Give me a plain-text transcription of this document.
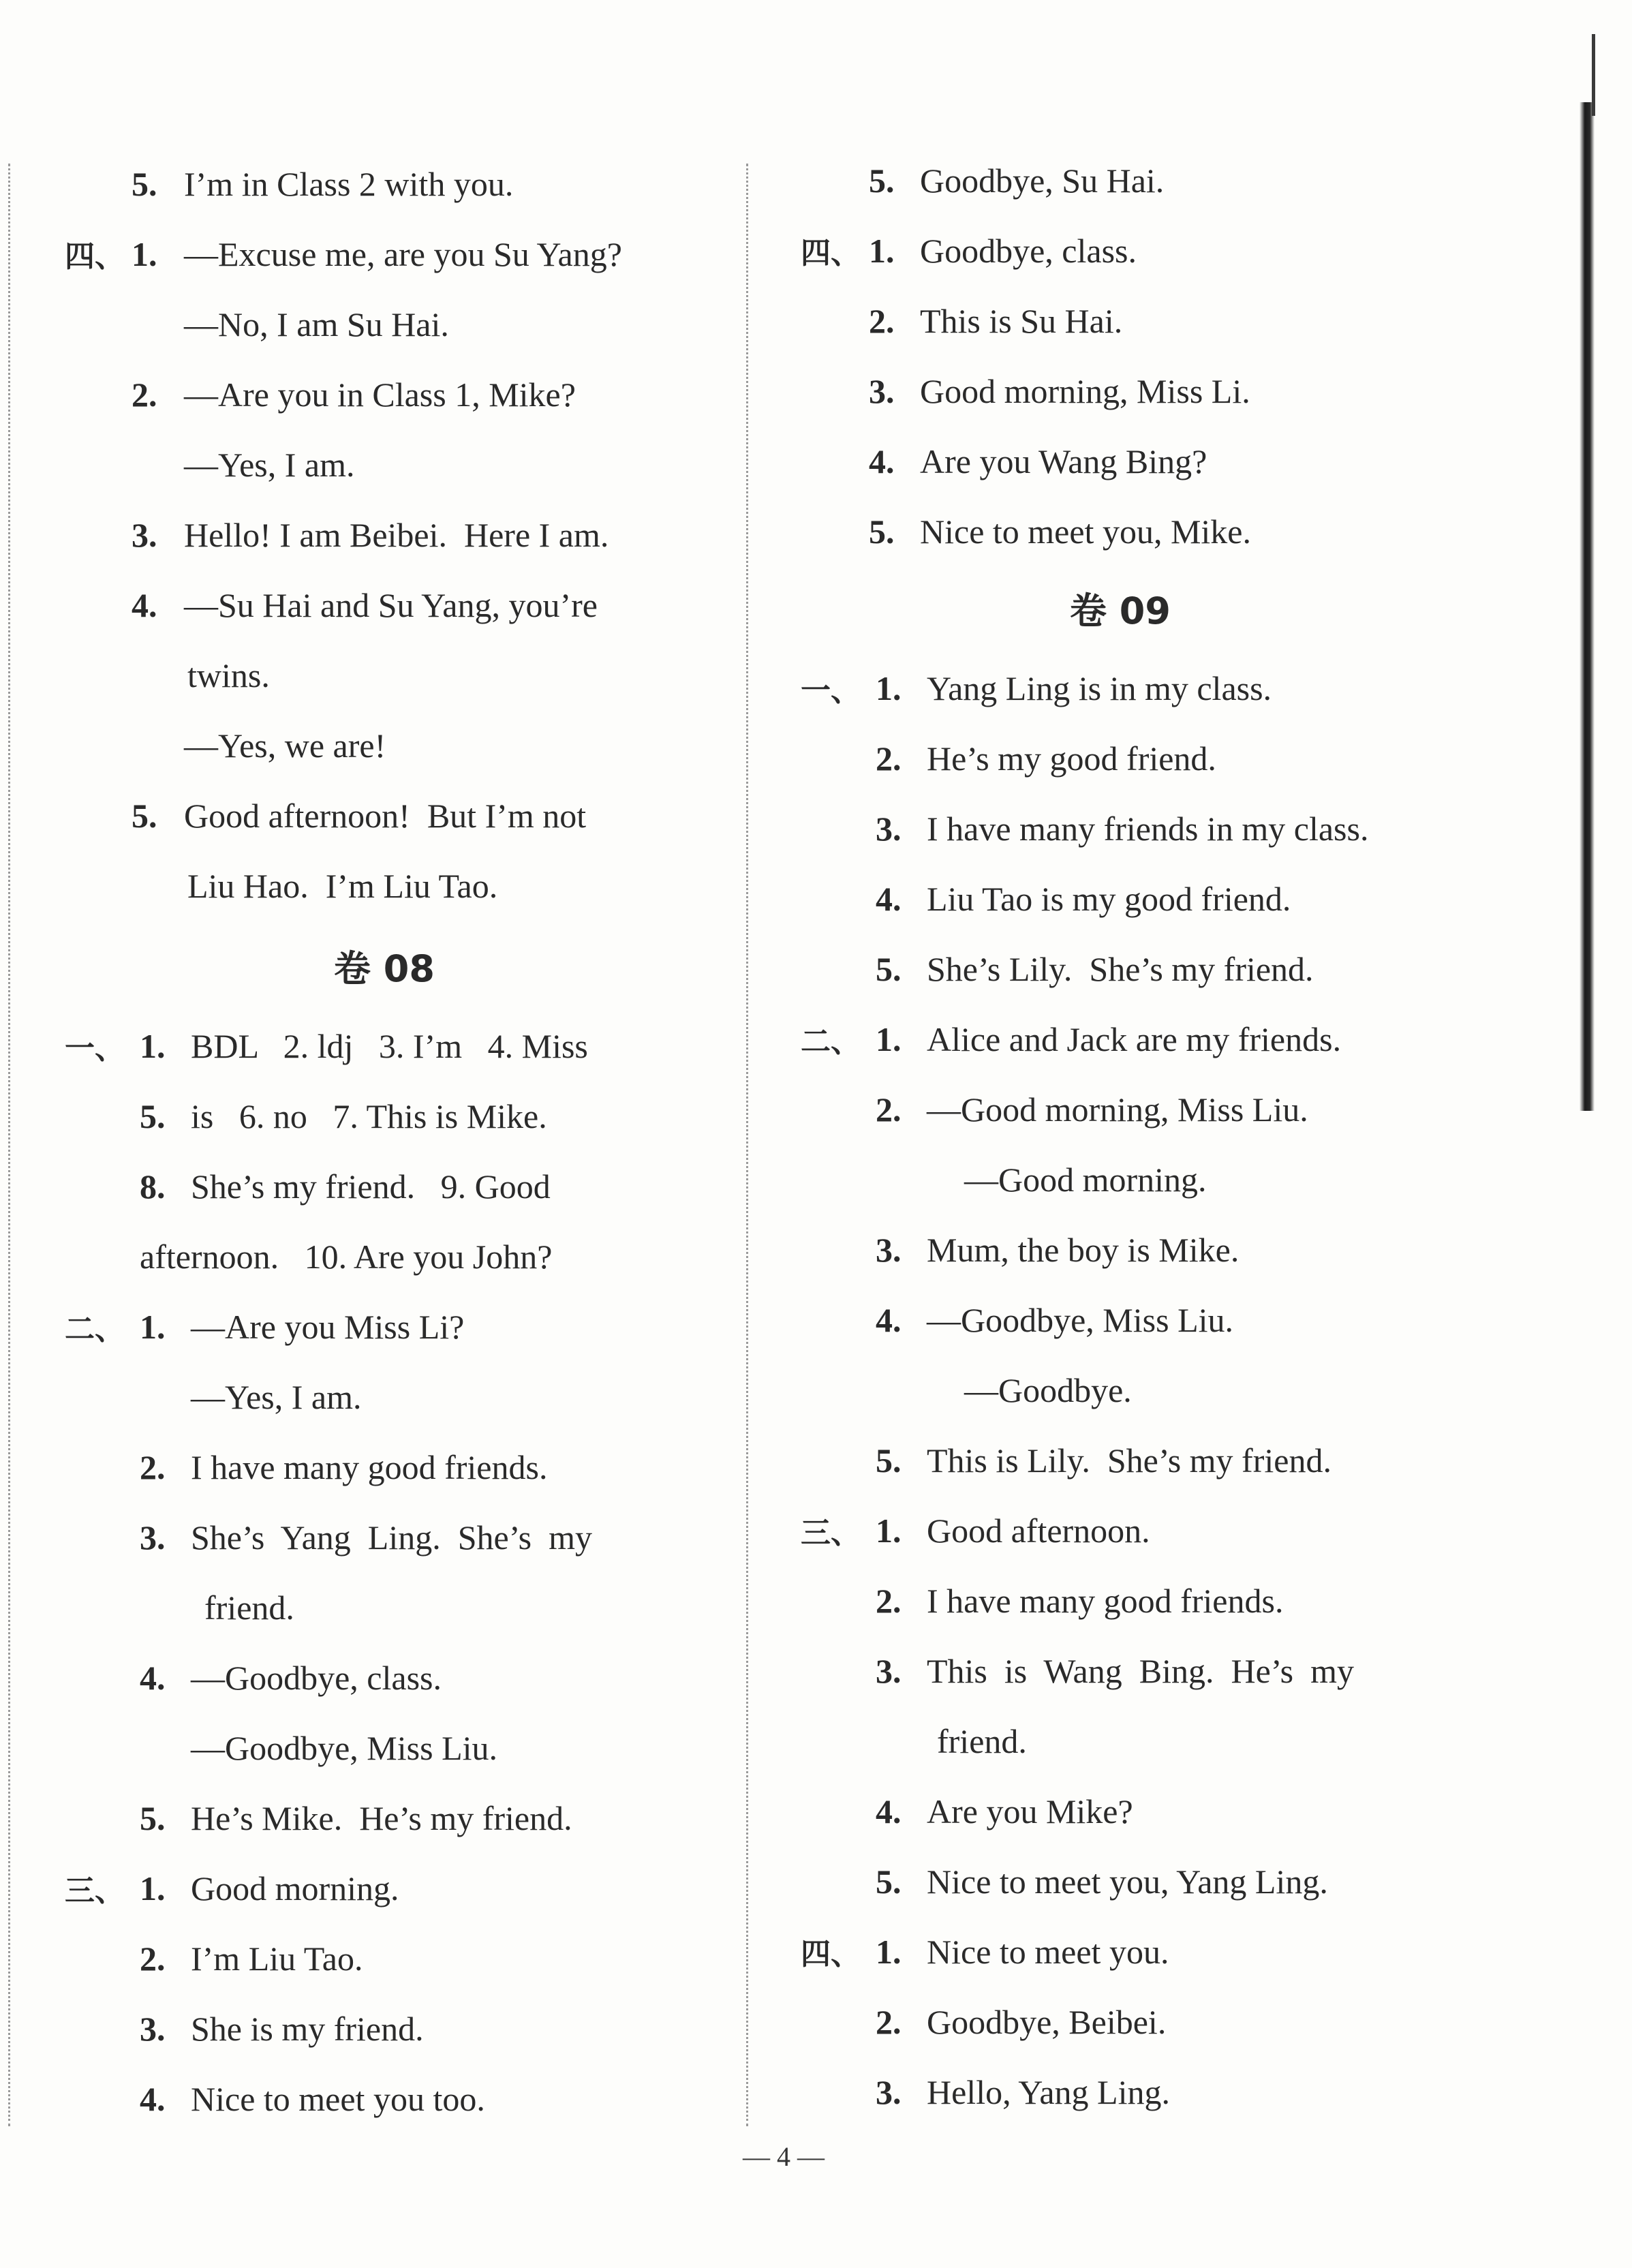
5. I’m in Class 2 with you.
四、 1. —Excuse me, are you Su Yang?
—No, I am Su Hai.
2. —Are you in Class 1, Mike?
—Yes, I am.
3. Hello! I am Beibei.  Here I am.
4. —Su Hai and Su Yang, you’re
twins.
—Yes, we are!
5. Good afternoon!  But I’m not
Liu Hao.  I’m Liu Tao.
卷 08
一、 1. BDL   2. ldj   3. I’m   4. Miss
5. is   6. no   7. This is Mike.
8. She’s my friend.   9. Good
afternoon.   10. Are you John?
二、 1. —Are you Miss Li?
—Yes, I am.
2. I have many good friends.
3. She’s  Yang  Ling.  She’s  my
friend.
4. —Goodbye, class.
—Goodbye, Miss Liu.
5. He’s Mike.  He’s my friend.
三、 1. Good morning.
2. I’m Liu Tao.
3. She is my friend.
4. Nice to meet you too.
5. Goodbye, Su Hai.
四、 1. Goodbye, class.
2. This is Su Hai.
3. Good morning, Miss Li.
4. Are you Wang Bing?
5. Nice to meet you, Mike.
卷 09
一、 1. Yang Ling is in my class.
2. He’s my good friend.
3. I have many friends in my class.
4. Liu Tao is my good friend.
5. She’s Lily.  She’s my friend.
二、 1. Alice and Jack are my friends.
2. —Good morning, Miss Liu.
—Good morning.
3. Mum, the boy is Mike.
4. —Goodbye, Miss Liu.
—Goodbye.
5. This is Lily.  She’s my friend.
三、 1. Good afternoon.
2. I have many good friends.
3. This  is  Wang  Bing.  He’s  my
friend.
4. Are you Mike?
5. Nice to meet you, Yang Ling.
四、 1. Nice to meet you.
2. Goodbye, Beibei.
3. Hello, Yang Ling.
— 4 —
